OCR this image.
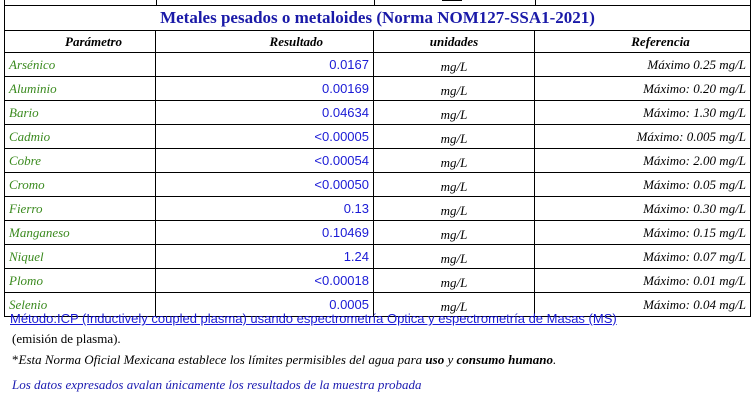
Metales pesados o metaloides (Norma NOM127-SSA1-2021)			
Parámetro	Resultado	unidades	Referencia
Arsénico	0.0167	mg/L	Máximo 0.25 mg/L
Aluminio	0.00169	mg/L	Máximo: 0.20 mg/L
Bario	0.04634	mg/L	Máximo: 1.30 mg/L
Cadmio	<0.00005	mg/L	Máximo: 0.005 mg/L
Cobre	<0.00054	mg/L	Máximo: 2.00 mg/L
Cromo	<0.00050	mg/L	Máximo: 0.05 mg/L
Fierro	0.13	mg/L	Máximo: 0.30 mg/L
Manganeso	0.10469	mg/L	Máximo: 0.15 mg/L
Niquel	1.24	mg/L	Máximo: 0.07 mg/L
Plomo	<0.00018	mg/L	Máximo: 0.01 mg/L
Selenio	0.0005	mg/L	Máximo: 0.04 mg/L
Método:ICP (Inductively coupled plasma) usando espectrometría Optica y espectrometría de Masas (MS)
(emisión de plasma).
*Esta Norma Oficial Mexicana establece los límites permisibles del agua para uso y consumo humano.
Los datos expresados avalan únicamente los resultados de la muestra probada
